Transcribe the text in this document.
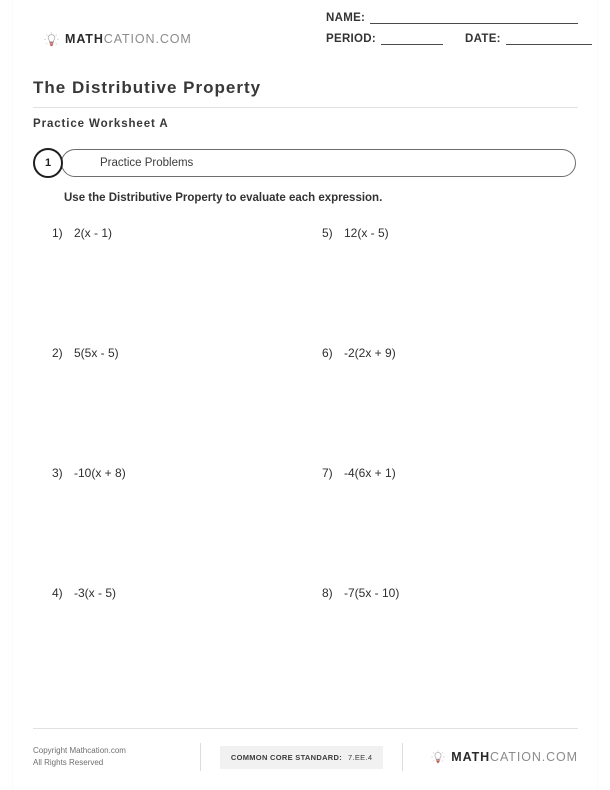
MATHCATION.COM
NAME:
PERIOD:	DATE:
The Distributive Property
Practice Worksheet A
Practice Problems
1
Use the Distributive Property to evaluate each expression.
1) 2(x - 1)	5) 12(x - 5)
2) 5(5x - 5)	6) -2(2x + 9)
3) -10(x + 8)	7) -4(6x + 1)
4) -3(x - 5)	8) -7(5x - 10)
Copyright Mathcation.com
All Rights Reserved
COMMON CORE STANDARD: 7.EE.4	MATHCATION.COM
